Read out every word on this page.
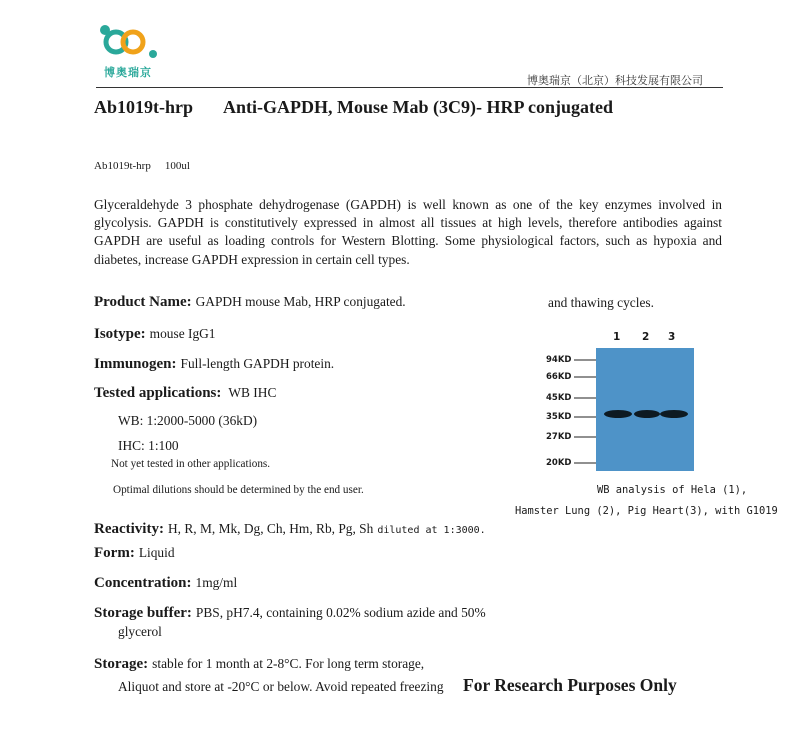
博奥瑞京
博奥瑞京（北京）科技发展有限公司
Ab1019t-hrp Anti-GAPDH, Mouse Mab (3C9)- HRP conjugated
Ab1019t-hrp 100ul
Glyceraldehyde 3 phosphate dehydrogenase (GAPDH) is well known as one of the key enzymes involved in glycolysis. GAPDH is constitutively expressed in almost all tissues at high levels, therefore antibodies against GAPDH are useful as loading controls for Western Blotting. Some physiological factors, such as hypoxia and diabetes, increase GAPDH expression in certain cell types.
Product Name: GAPDH mouse Mab, HRP conjugated.	and thawing cycles.
Isotype: mouse IgG1
Immunogen: Full-length GAPDH protein.
Tested applications: WB IHC
WB: 1:2000-5000 (36kD)
IHC: 1:100
Not yet tested in other applications.
Optimal dilutions should be determined by the end user.
Reactivity: H, R, M, Mk, Dg, Ch, Hm, Rb, Pg, Sh diluted at 1:3000.
Form: Liquid
Concentration: 1mg/ml
Storage buffer: PBS, pH7.4, containing 0.02% sodium azide and 50%
glycerol
Storage: stable for 1 month at 2-8°C. For long term storage,
Aliquot and store at -20°C or below. Avoid repeated freezing For Research Purposes Only
1 2 3
94KD
66KD
45KD
35KD
27KD
20KD
WB analysis of Hela (1),
Hamster Lung (2), Pig Heart(3), with G1019
